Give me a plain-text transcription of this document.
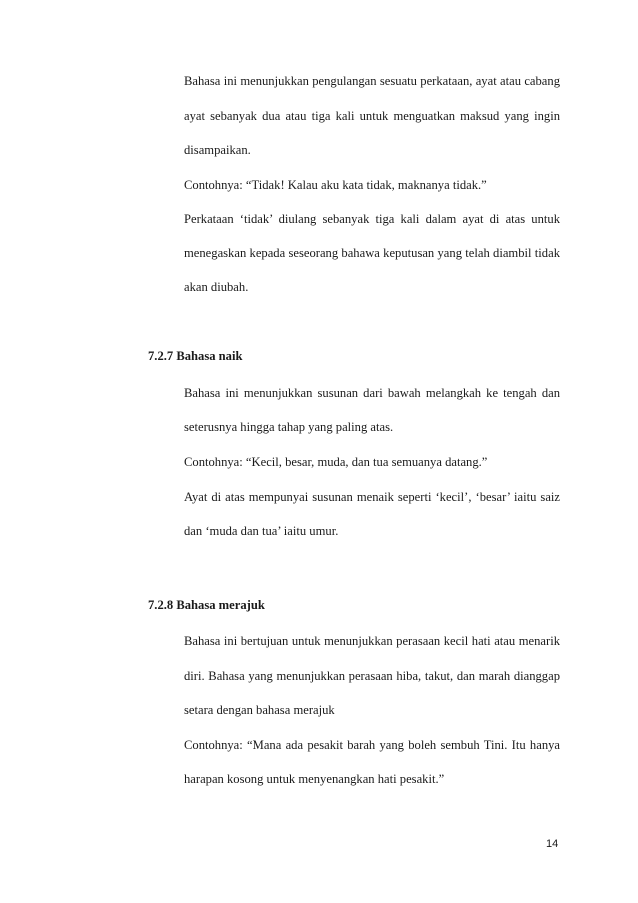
Bahasa ini menunjukkan pengulangan sesuatu perkataan, ayat atau cabang
ayat sebanyak dua atau tiga kali untuk menguatkan maksud yang ingin
disampaikan.
Contohnya: “Tidak! Kalau aku kata tidak, maknanya tidak.”
Perkataan ‘tidak’ diulang sebanyak tiga kali dalam ayat di atas untuk
menegaskan kepada seseorang bahawa keputusan yang telah diambil tidak
akan diubah.
7.2.7 Bahasa naik
Bahasa ini menunjukkan susunan dari bawah melangkah ke tengah dan
seterusnya hingga tahap yang paling atas.
Contohnya: “Kecil, besar, muda, dan tua semuanya datang.”
Ayat di atas mempunyai susunan menaik seperti ‘kecil’, ‘besar’ iaitu saiz
dan ‘muda dan tua’ iaitu umur.
7.2.8 Bahasa merajuk
Bahasa ini bertujuan untuk menunjukkan perasaan kecil hati atau menarik
diri. Bahasa yang menunjukkan perasaan hiba, takut, dan marah dianggap
setara dengan bahasa merajuk
Contohnya: “Mana ada pesakit barah yang boleh sembuh Tini. Itu hanya
harapan kosong untuk menyenangkan hati pesakit.”
14
